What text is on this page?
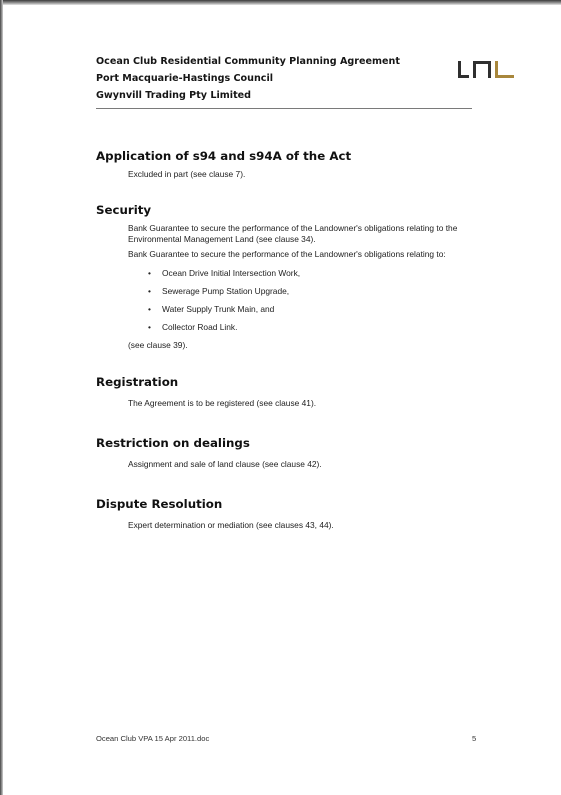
Ocean Club Residential Community Planning Agreement
Port Macquarie-Hastings Council
Gwynvill Trading Pty Limited
Application of s94 and s94A of the Act
Excluded in part (see clause 7).
Security
Bank Guarantee to secure the performance of the Landowner's obligations relating to the Environmental Management Land (see clause 34).
Bank Guarantee to secure the performance of the Landowner's obligations relating to:
• Ocean Drive Initial Intersection Work,
• Sewerage Pump Station Upgrade,
• Water Supply Trunk Main, and
• Collector Road Link.
(see clause 39).
Registration
The Agreement is to be registered (see clause 41).
Restriction on dealings
Assignment and sale of land clause (see clause 42).
Dispute Resolution
Expert determination or mediation (see clauses 43, 44).
Ocean Club VPA 15 Apr 2011.doc	5
